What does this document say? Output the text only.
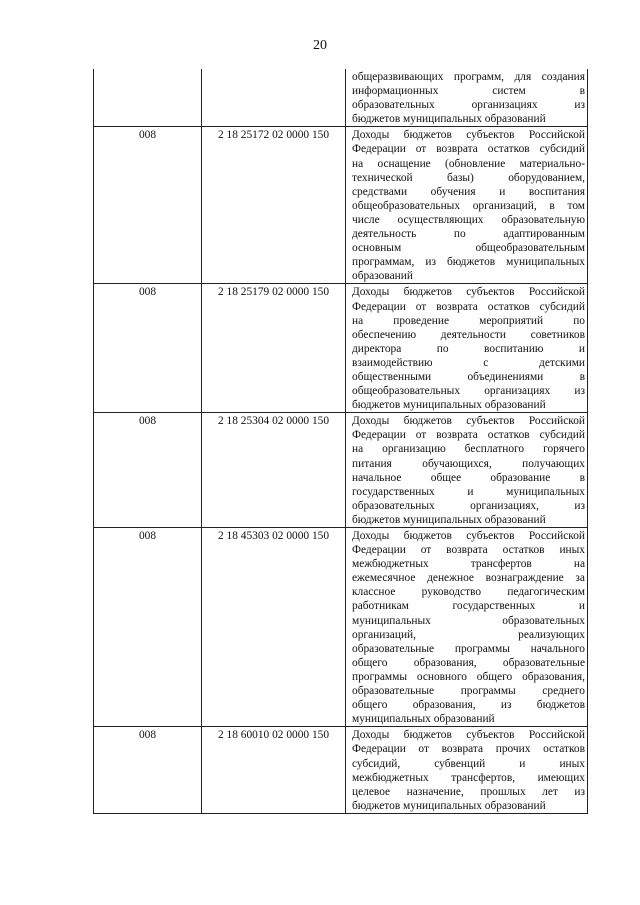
20
общеразвивающих программ, для создания
информационных систем в
образовательных организациях из
бюджетов муниципальных образований
008	2 18 25172 02 0000 150	Доходы бюджетов субъектов Российской
Федерации от возврата остатков субсидий
на оснащение (обновление материально-
технической базы) оборудованием,
средствами обучения и воспитания
общеобразовательных организаций, в том
числе осуществляющих образовательную
деятельность по адаптированным
основным общеобразовательным
программам, из бюджетов муниципальных
образований
008	2 18 25179 02 0000 150	Доходы бюджетов субъектов Российской
Федерации от возврата остатков субсидий
на проведение мероприятий по
обеспечению деятельности советников
директора по воспитанию и
взаимодействию с детскими
общественными объединениями в
общеобразовательных организациях из
бюджетов муниципальных образований
008	2 18 25304 02 0000 150	Доходы бюджетов субъектов Российской
Федерации от возврата остатков субсидий
на организацию бесплатного горячего
питания обучающихся, получающих
начальное общее образование в
государственных и муниципальных
образовательных организациях, из
бюджетов муниципальных образований
008	2 18 45303 02 0000 150	Доходы бюджетов субъектов Российской
Федерации от возврата остатков иных
межбюджетных трансфертов на
ежемесячное денежное вознаграждение за
классное руководство педагогическим
работникам государственных и
муниципальных образовательных
организаций, реализующих
образовательные программы начального
общего образования, образовательные
программы основного общего образования,
образовательные программы среднего
общего образования, из бюджетов
муниципальных образований
008	2 18 60010 02 0000 150	Доходы бюджетов субъектов Российской
Федерации от возврата прочих остатков
субсидий, субвенций и иных
межбюджетных трансфертов, имеющих
целевое назначение, прошлых лет из
бюджетов муниципальных образований
